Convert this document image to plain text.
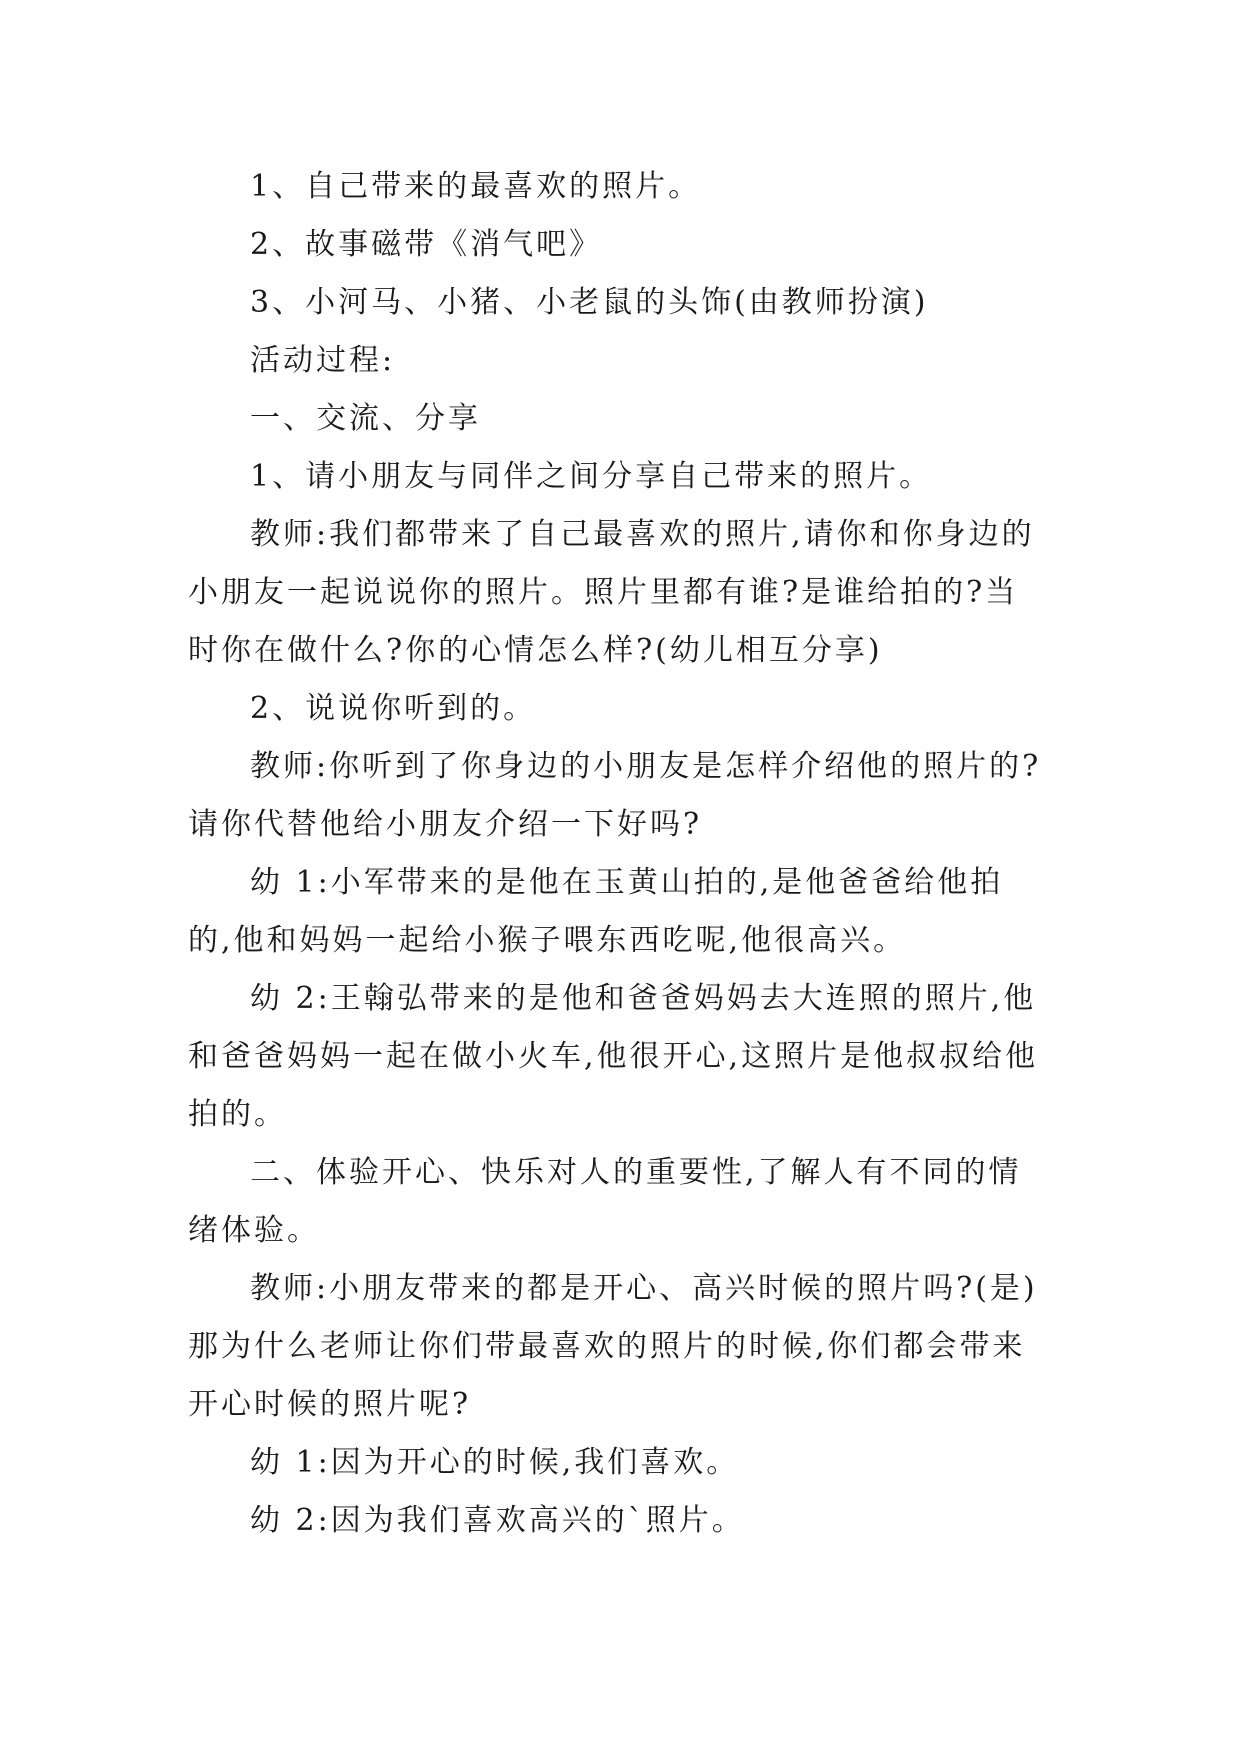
1、自己带来的最喜欢的照片。

2、故事磁带《消气吧》

3、小河马、小猪、小老鼠的头饰(由教师扮演)

活动过程:

一、交流、分享

1、请小朋友与同伴之间分享自己带来的照片。

教师:我们都带来了自己最喜欢的照片,请你和你身边的小朋友一起说说你的照片。照片里都有谁?是谁给拍的?当时你在做什么?你的心情怎么样?(幼儿相互分享)

2、说说你听到的。

教师:你听到了你身边的小朋友是怎样介绍他的照片的?请你代替他给小朋友介绍一下好吗?

幼 1:小军带来的是他在玉黄山拍的,是他爸爸给他拍的,他和妈妈一起给小猴子喂东西吃呢,他很高兴。

幼 2:王翰弘带来的是他和爸爸妈妈去大连照的照片,他和爸爸妈妈一起在做小火车,他很开心,这照片是他叔叔给他拍的。

二、体验开心、快乐对人的重要性,了解人有不同的情绪体验。

教师:小朋友带来的都是开心、高兴时候的照片吗?(是)那为什么老师让你们带最喜欢的照片的时候,你们都会带来开心时候的照片呢?

幼 1:因为开心的时候,我们喜欢。

幼 2:因为我们喜欢高兴的`照片。
